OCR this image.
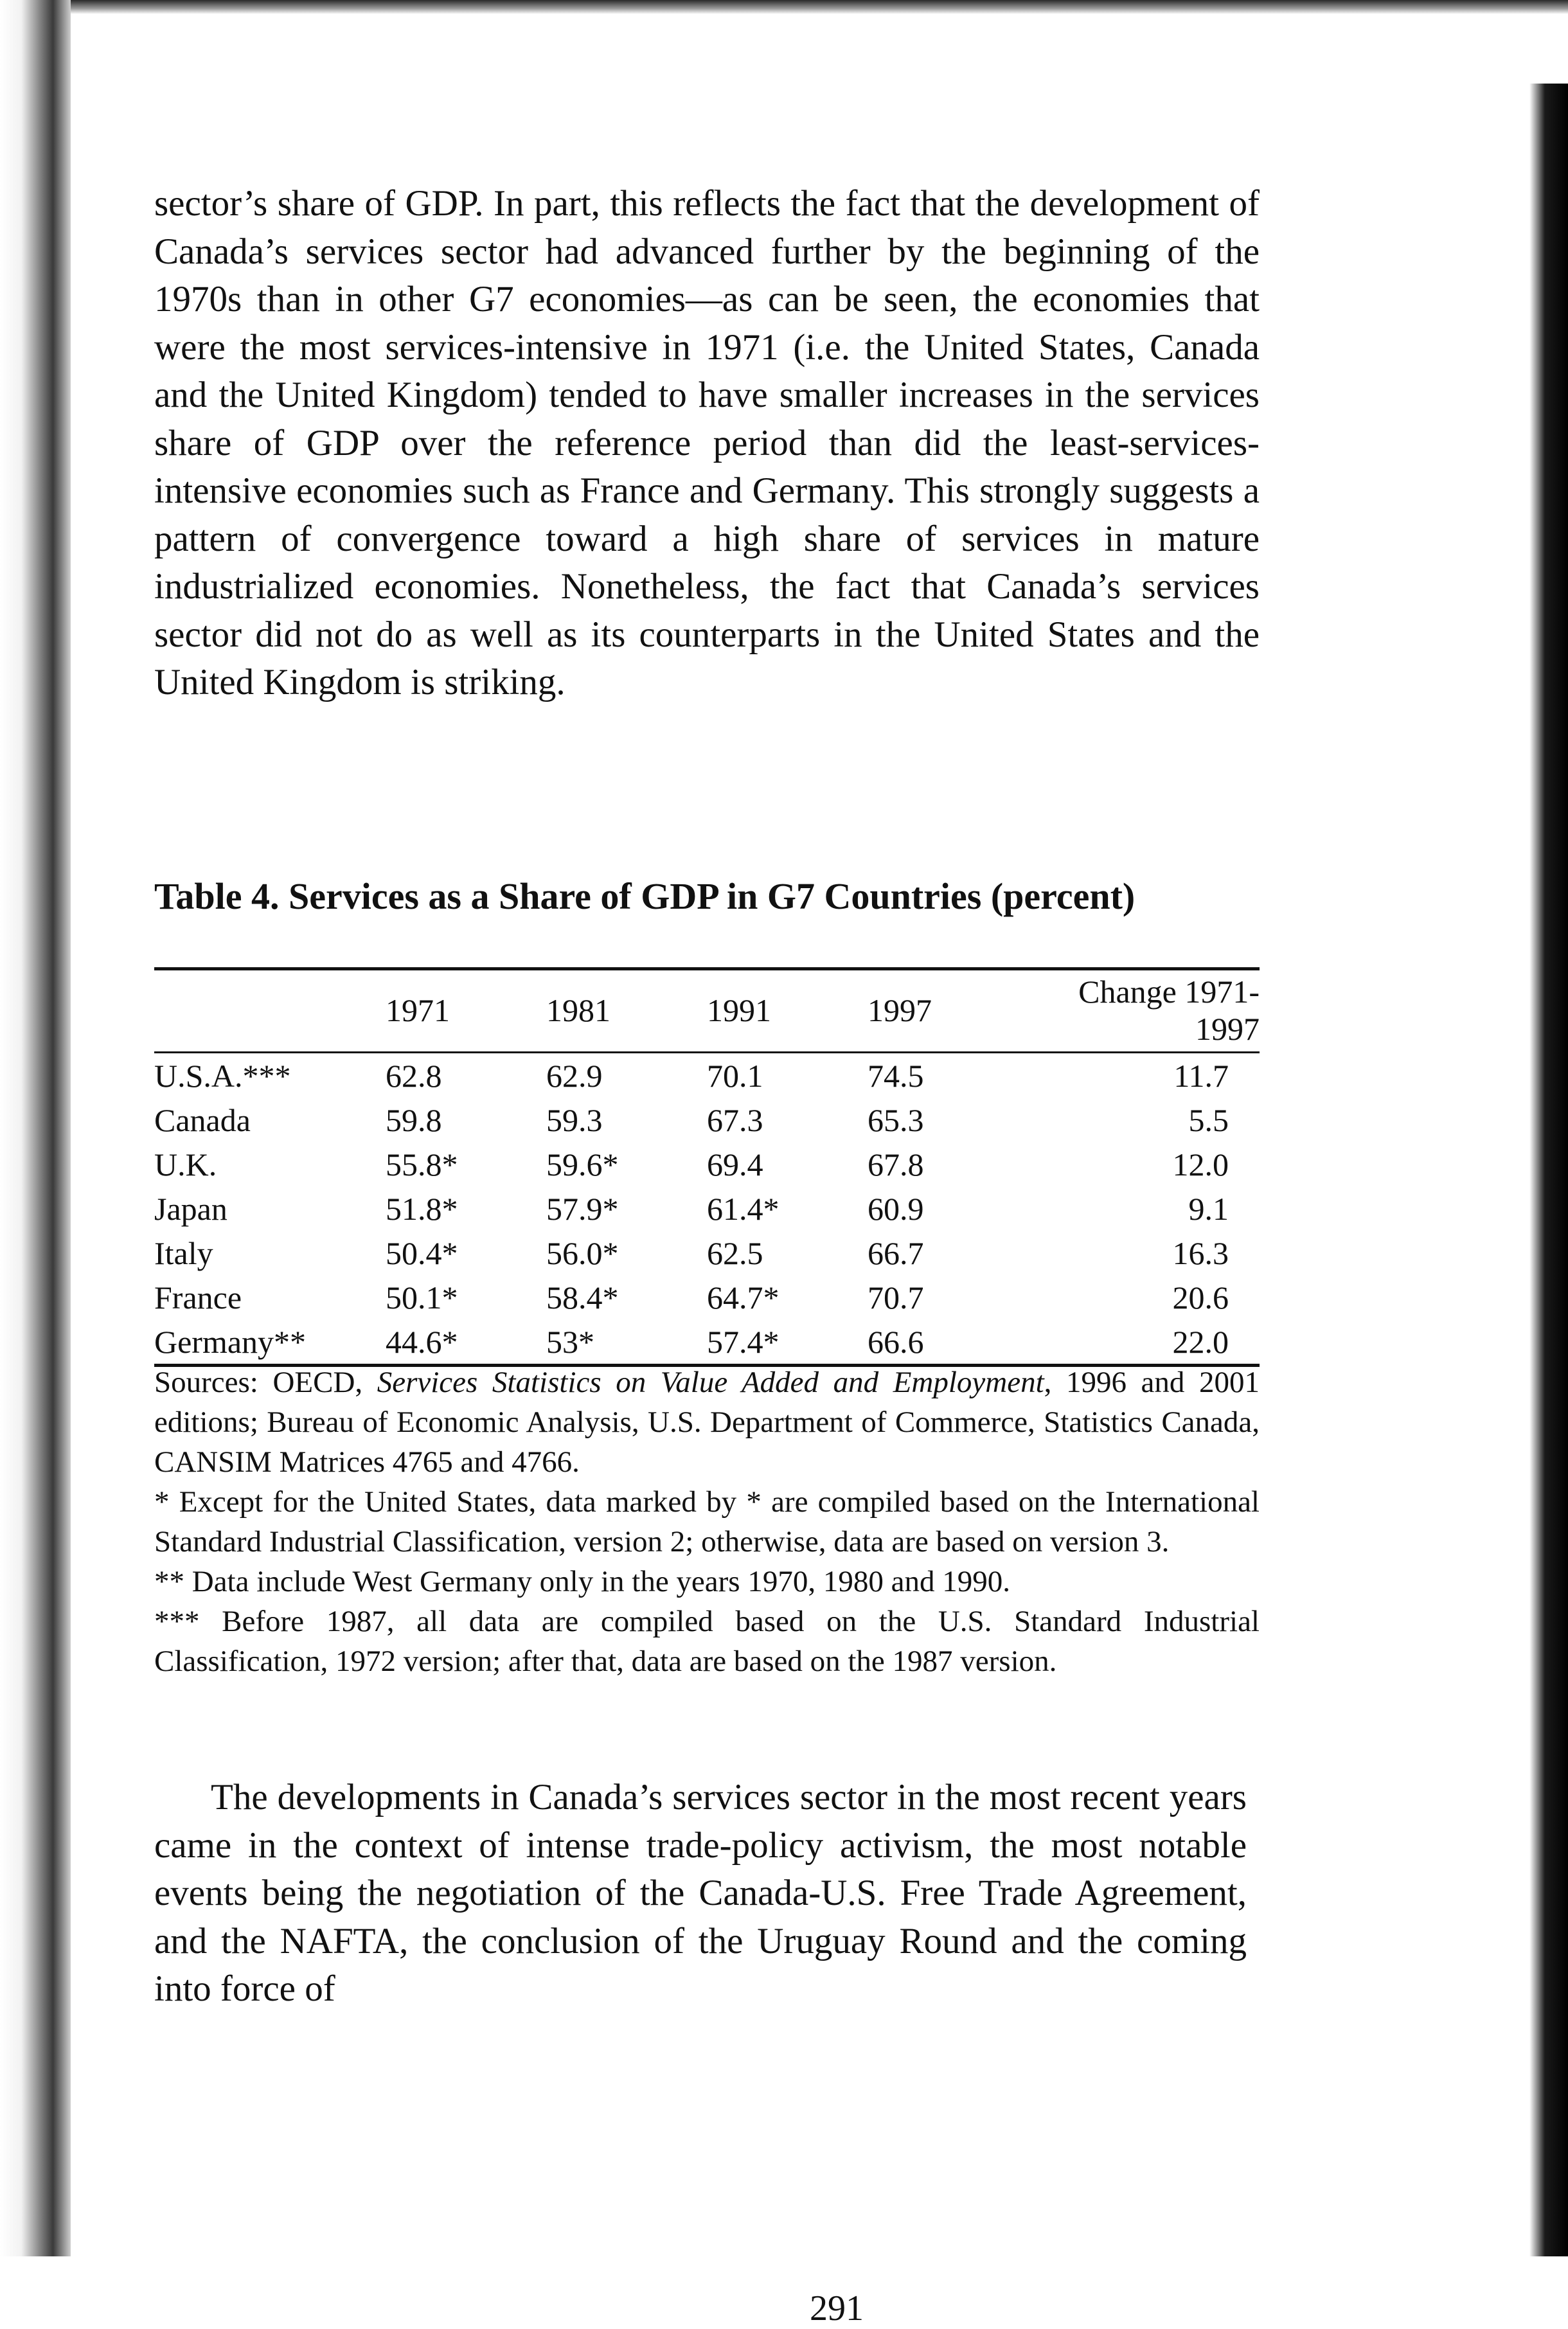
sector’s share of GDP. In part, this reflects the fact that the development of Canada’s services sector had advanced further by the beginning of the 1970s than in other G7 economies—as can be seen, the economies that were the most services-intensive in 1971 (i.e. the United States, Canada and the United Kingdom) tended to have smaller increases in the services share of GDP over the reference period than did the least-services-intensive economies such as France and Germany. This strongly suggests a pattern of convergence toward a high share of services in mature industrialized economies. Nonetheless, the fact that Canada’s services sector did not do as well as its counterparts in the United States and the United Kingdom is striking.

Table 4. Services as a Share of GDP in G7 Countries (percent)

	1971	1981	1991	1997	Change 1971-1997
U.S.A.***	62.8	62.9	70.1	74.5	11.7
Canada	59.8	59.3	67.3	65.3	5.5
U.K.	55.8*	59.6*	69.4	67.8	12.0
Japan	51.8*	57.9*	61.4*	60.9	9.1
Italy	50.4*	56.0*	62.5	66.7	16.3
France	50.1*	58.4*	64.7*	70.7	20.6
Germany**	44.6*	53*	57.4*	66.6	22.0

Sources: OECD, Services Statistics on Value Added and Employment, 1996 and 2001 editions; Bureau of Economic Analysis, U.S. Department of Commerce, Statistics Canada, CANSIM Matrices 4765 and 4766.

* Except for the United States, data marked by * are compiled based on the International Standard Industrial Classification, version 2; otherwise, data are based on version 3.

** Data include West Germany only in the years 1970, 1980 and 1990.

*** Before 1987, all data are compiled based on the U.S. Standard Industrial Classification, 1972 version; after that, data are based on the 1987 version.

The developments in Canada’s services sector in the most recent years came in the context of intense trade-policy activism, the most notable events being the negotiation of the Canada-U.S. Free Trade Agreement, and the NAFTA, the conclusion of the Uruguay Round and the coming into force of

291
